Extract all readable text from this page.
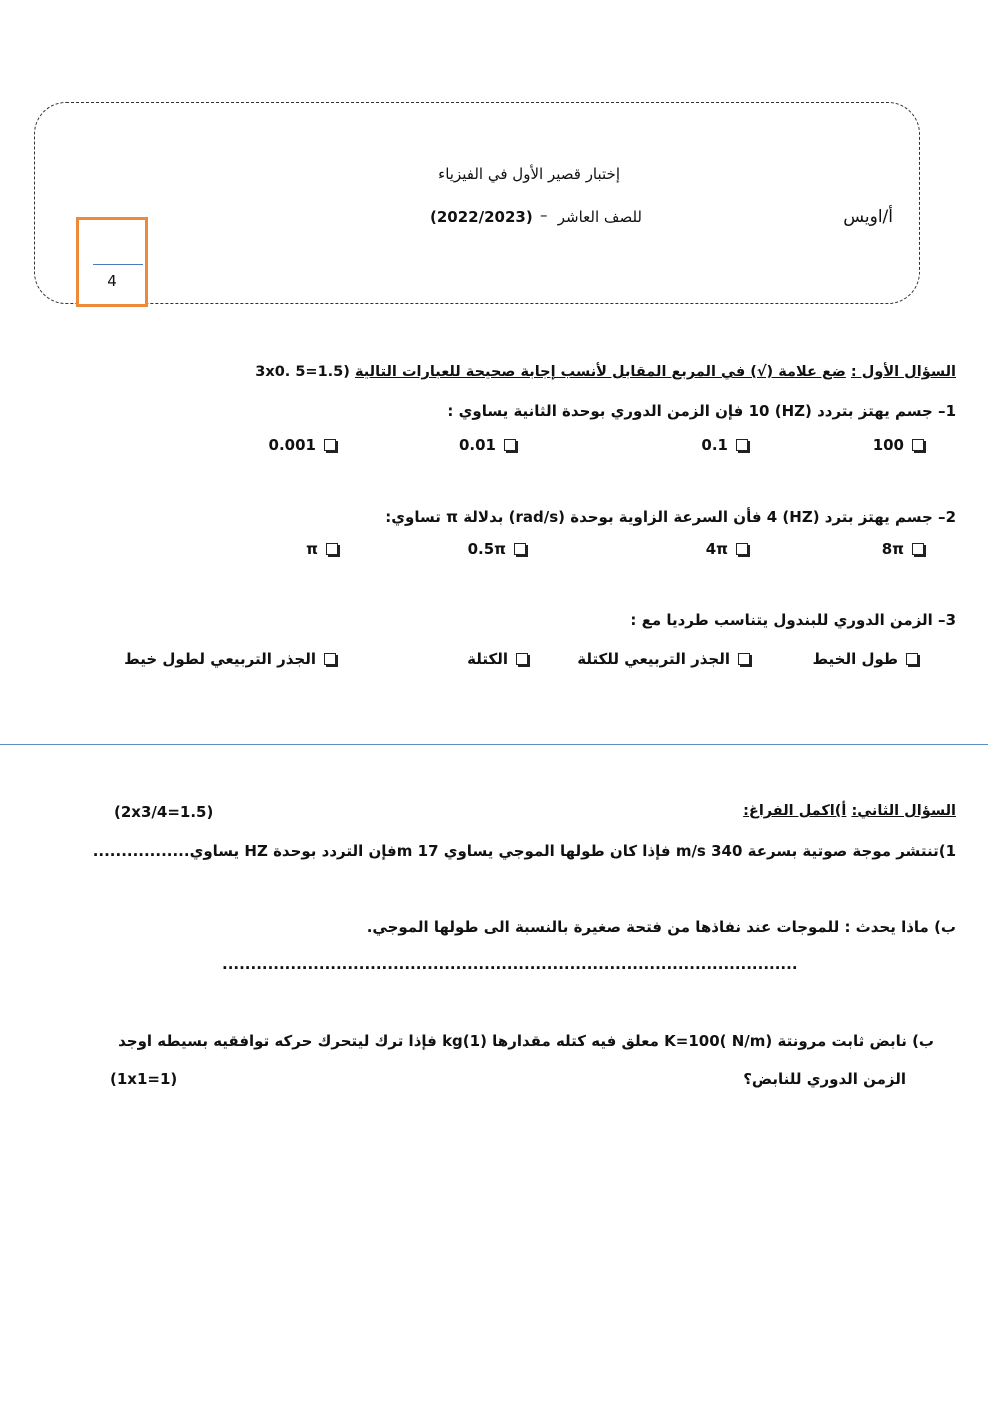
إختبار قصير الأول في الفيزياء
للصف العاشر
–
(2022/2023)	أ/اويس
4
السؤال الأول : ضع علامة (√) في المربع المقابل لأنسب إجابة صحيحة للعبارات التالية (3x0. 5=1.5
1– جسم يهتز بتردد (HZ) 10 فإن الزمن الدوري بوحدة الثانية يساوي :
100
0.1
0.01
0.001
2– جسم يهتز بترد (HZ) 4 فأن السرعة الزاوية بوحدة (rad/s) بدلالة π تساوي:
8π
4π
0.5π
π
3– الزمن الدوري للبندول يتناسب طرديا مع :
طول الخيط
الجذر التربيعي للكتلة
الكتلة
الجذر التربيعي لطول خيط
السؤال الثاني: أ)اكمل الفراغ:
(2x3/4=1.5)
1)تنتشر موجة صوتية بسرعة 340 m/s فإذا كان طولها الموجي يساوي 17 mفإن التردد بوحدة HZ يساوي.................
ب) ماذا يحدث : للموجات عند نفاذها من فتحة صغيرة بالنسبة الى طولها الموجي.
.....................................................................................................
ب) نابض ثابت مرونتة (K=100( N/m معلق فيه كتله مقدارها kg(1) فإذا ترك ليتحرك حركه توافقيه بسيطه اوجد
الزمن الدوري للنابض؟
(1x1=1)
